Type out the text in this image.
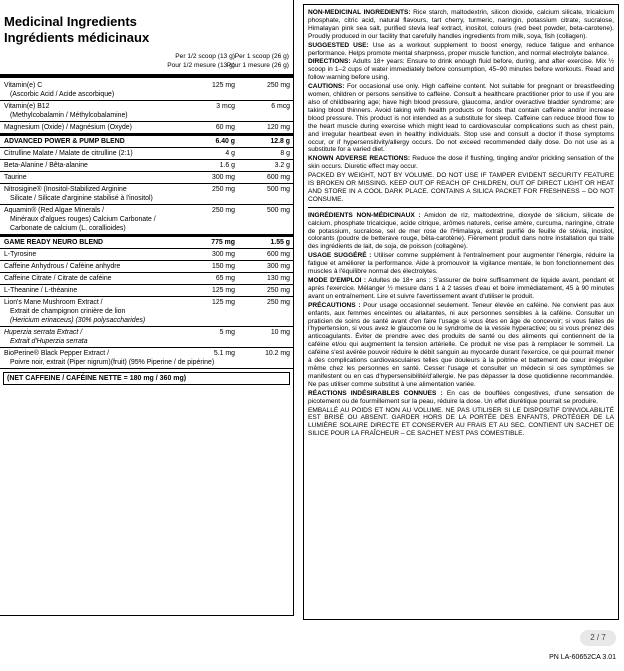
Medicinal Ingredients
Ingrédients médicinaux
Per 1/2 scoop (13 g)
Pour 1/2 mesure (13 g)
Per 1 scoop (26 g)
Pour 1 mesure (26 g)
Vitamin(e) C
(Ascorbic Acid / Acide ascorbique)
125 mg	250 mg
Vitamin(e) B12
(Methylcobalamin / Méthylcobalamine)
3 mcg	6 mcg
Magnesium (Oxide) / Magnésium (Oxyde)	60 mg	120 mg
ADVANCED POWER & PUMP BLEND	6.40 g	12.8 g
Citrulline Malate / Malate de citrulline (2:1)	4 g	8 g
Beta-Alanine / Bêta-alanine	1.6 g	3.2 g
Taurine	300 mg	600 mg
Nitrosigine® (Inositol-Stabilized Arginine
Silicate / Silicate d'arginine stabilisé à l'inositol)
250 mg	500 mg
Aquamin® (Red Algae Minerals /
Minéraux d'algues rouges) Calcium Carbonate /
Carbonate de calcium (L. corallioides)
250 mg	500 mg
GAME READY NEURO BLEND	775 mg	1.55 g
L-Tyrosine	300 mg	600 mg
Caffeine Anhydrous / Caféine anhydre	150 mg	300 mg
Caffeine Citrate / Citrate de caféine	65 mg	130 mg
L-Theanine / L-théanine	125 mg	250 mg
Lion's Mane Mushroom Extract /
Extrait de champignon crinière de lion
(Hericium erinaceus) (30% polysaccharides)
125 mg	250 mg
Huperzia serrata Extract /
Extrait d'Huperzia serrata
5 mg	10 mg
BioPerine® Black Pepper Extract /
Poivre noir, extrait (Piper nigrum)(fruit) (95% Piperine / de pipérine)
5.1 mg	10.2 mg
(NET CAFFEINE / CAFÉINE NETTE = 180 mg / 360 mg)

NON-MEDICINAL INGREDIENTS: Rice starch, maltodextrin, silicon dioxide, calcium silicate, tricalcium phosphate, citric acid, natural flavours, tart cherry, turmeric, naringin, potassium citrate, sucralose, Himalayan pink sea salt, purified stevia leaf extract, inositol, colours (red beet powder, beta-carotene). Proudly produced in our facility that carefully handles ingredients from milk, soya, fish (collagen).

SUGGESTED USE: Use as a workout supplement to boost energy, reduce fatigue and enhance performance. Helps promote mental sharpness, proper muscle function, and normal electrolyte balance.

DIRECTIONS: Adults 18+ years: Ensure to drink enough fluid before, during, and after exercise. Mix ½ scoop in 1–2 cups of water immediately before consumption, 45–90 minutes before workouts. Read and follow warning before using.

CAUTIONS: For occasional use only. High caffeine content. Not suitable for pregnant or breastfeeding women, children or persons sensitive to caffeine. Consult a healthcare practitioner prior to use if you are also of childbearing age; have high blood pressure, glaucoma, and/or overactive bladder syndrome; are taking blood thinners. Avoid taking with health products or foods that contain caffeine and/or increase blood pressure. This product is not intended as a substitute for sleep. Caffeine can reduce blood flow to the heart muscle during exercise which might lead to cardiovascular complications such as chest pain, and irregular heartbeat even in healthy individuals. Stop use and consult a doctor if those symptoms occur, or if hypersensitivity/allergy occurs. Do not exceed recommended daily dose. Do not use as a substitute for a varied diet.

KNOWN ADVERSE REACTIONS: Reduce the dose if flushing, tingling and/or prickling sensation of the skin occurs. Diuretic effect may occur.

PACKED BY WEIGHT, NOT BY VOLUME. DO NOT USE IF TAMPER EVIDENT SECURITY FEATURE IS BROKEN OR MISSING. KEEP OUT OF REACH OF CHILDREN, OUT OF DIRECT LIGHT OR HEAT AND STORE IN A COOL DARK PLACE. CONTAINS A SILICA PACKET FOR FRESHNESS – DO NOT CONSUME.

INGRÉDIENTS NON-MÉDICINAUX : Amidon de riz, maltodextrine, dioxyde de silicium, silicate de calcium, phosphate tricalcique, acide citrique, arômes naturels, cerise amère, curcuma, naringine, citrate de potassium, sucralose, sel de mer rose de l'Himalaya, extrait purifié de feuille de stévia, inositol, colorants (poudre de betterave rouge, bêta-carotène). Fièrement produit dans notre installation qui traite des ingrédients de lait, de soja, de poisson (collagène).

USAGE SUGGÉRÉ : Utiliser comme supplément à l'entraînement pour augmenter l'énergie, réduire la fatigue et améliorer la performance. Aide à promouvoir la vigilance mentale, le bon fonctionnement des muscles à l'équilibre normal des électrolytes.

MODE D'EMPLOI : Adultes de 18+ ans : S'assurer de boire suffisamment de liquide avant, pendant et après l'exercice. Mélanger ½ mesure dans 1 à 2 tasses d'eau et boire immédiatement, 45 à 90 minutes avant un entraînement. Lire et suivre l'avertissement avant d'utiliser le produit.

PRÉCAUTIONS : Pour usage occasionnel seulement. Teneur élevée en caféine. Ne convient pas aux enfants, aux femmes enceintes ou allaitantes, ni aux personnes sensibles à la caféine. Consulter un praticien de soins de santé avant d'en faire l'usage si vous êtes en âge de concevoir; si vous faites de l'hypertension, si vous avez le glaucome ou le syndrome de la vessie hyperactive; ou si vous prenez des anticoagulants. Éviter de prendre avec des produits de santé ou des aliments qui contiennent de la caféine et/ou qui augmentent la tension artérielle. Ce produit ne vise pas à remplacer le sommeil. La caféine s'est avérée pouvoir réduire le débit sanguin au myocarde durant l'exercice, ce qui pourrait mener à des complications cardiovasculaires telles que douleurs à la poitrine et battement de cœur irrégulier même chez les personnes en santé. Cesser l'usage et consulter un médecin si ces symptômes se manifestent ou en cas d'hypersensibilité/d'allergie. Ne pas dépasser la dose quotidienne recommandée. Ne pas utiliser comme substitut à une alimentation variée.

RÉACTIONS INDÉSIRABLES CONNUES : En cas de bouffées congestives, d'une sensation de picotement ou de fourmillement sur la peau, réduire la dose. Un effet diurétique pourrait se produire.

EMBALLÉ AU POIDS ET NON AU VOLUME. NE PAS UTILISER SI LE DISPOSITIF D'INVIOLABILITÉ EST BRISÉ OU ABSENT. GARDER HORS DE LA PORTÉE DES ENFANTS, PROTÉGER DE LA LUMIÈRE SOLAIRE DIRECTE ET CONSERVER AU FRAIS ET AU SEC. CONTIENT UN SACHET DE SILICE POUR LA FRAÎCHEUR – CE SACHET N'EST PAS COMESTIBLE.

2 / 7
PN LA-60652CA 3.01
